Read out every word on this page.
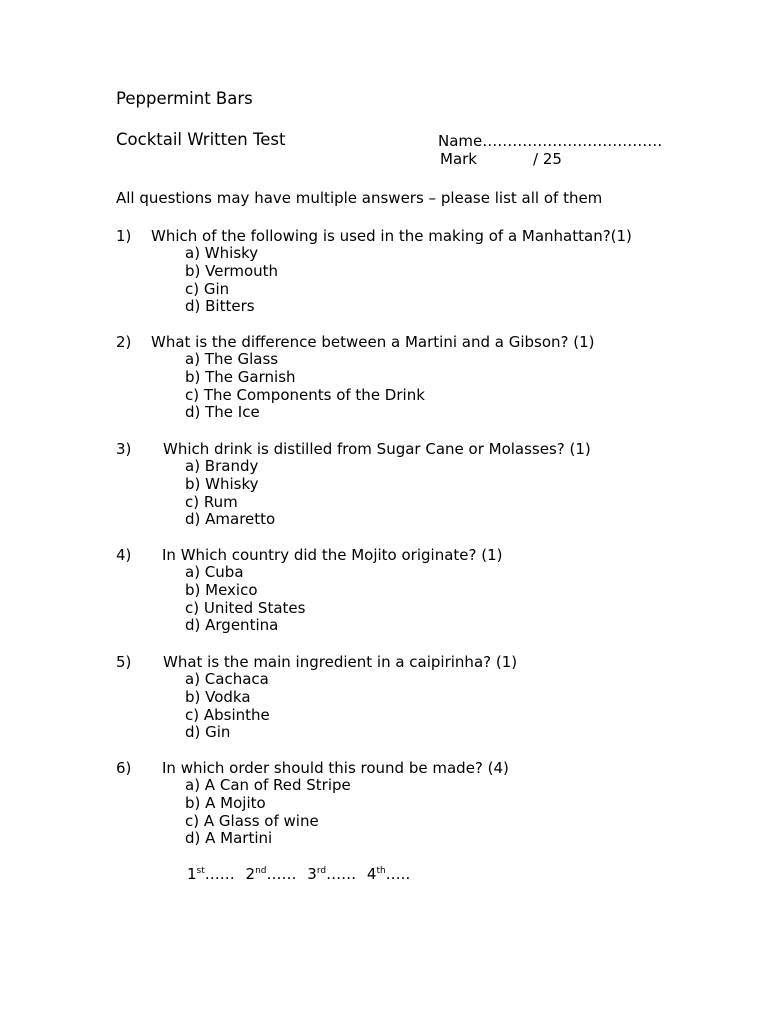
Peppermint Bars
Cocktail Written Test	Name………………………………
Mark	/ 25
All questions may have multiple answers – please list all of them
1) Which of the following is used in the making of a Manhattan?(1)
a) Whisky
b) Vermouth
c) Gin
d) Bitters
2) What is the difference between a Martini and a Gibson? (1)
a) The Glass
b) The Garnish
c) The Components of the Drink
d) The Ice
3) Which drink is distilled from Sugar Cane or Molasses? (1)
a) Brandy
b) Whisky
c) Rum
d) Amaretto
4) In Which country did the Mojito originate? (1)
a) Cuba
b) Mexico
c) United States
d) Argentina
5) What is the main ingredient in a caipirinha? (1)
a) Cachaca
b) Vodka
c) Absinthe
d) Gin
6) In which order should this round be made? (4)
a) A Can of Red Stripe
b) A Mojito
c) A Glass of wine
d) A Martini
1st…… 2nd…… 3rd…… 4th…..
